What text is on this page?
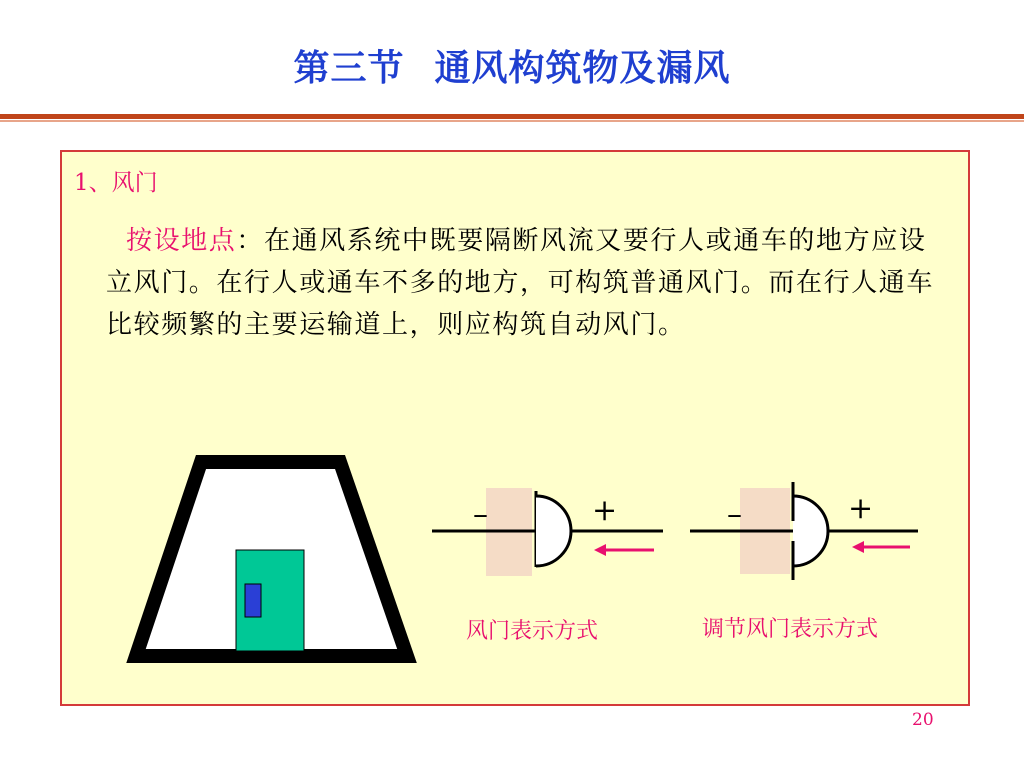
第三节 通风构筑物及漏风
1、风门
按设地点：在通风系统中既要隔断风流又要行人或通车的地方应设立风门。在行人或通车不多的地方，可构筑普通风门。而在行人通车比较频繁的主要运输道上，则应构筑自动风门。
–	+	–	+
风门表示方式	调节风门表示方式
20
